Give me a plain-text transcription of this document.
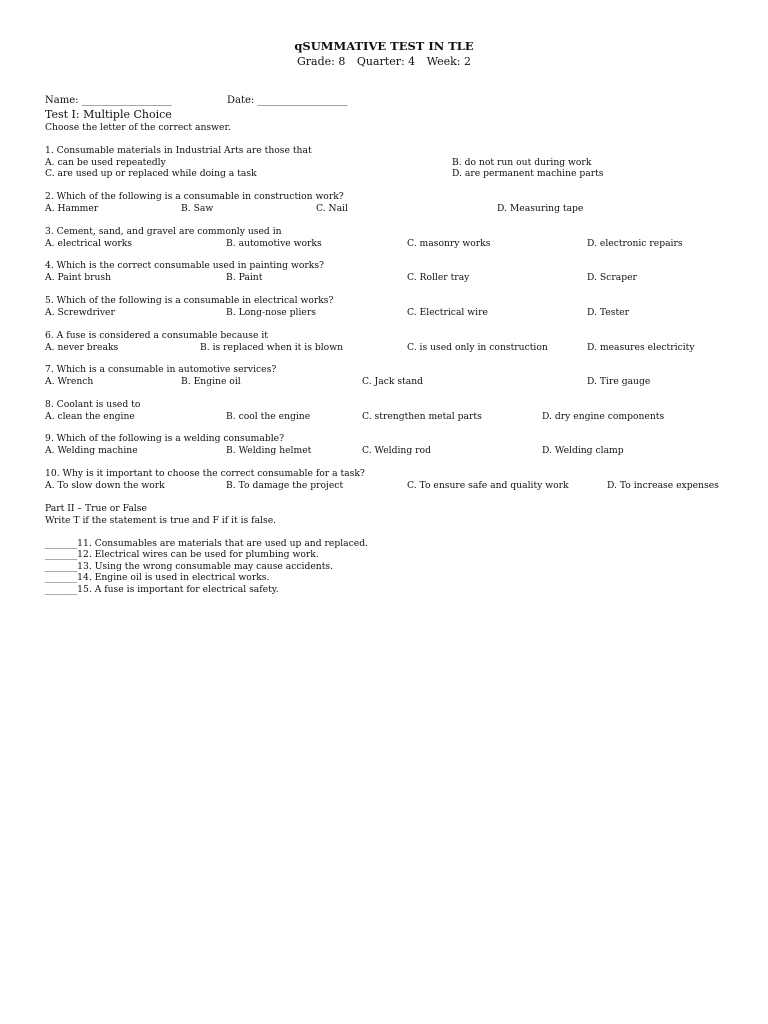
qSUMMATIVE TEST IN TLE
Grade: 8 Quarter: 4 Week: 2
Name: __________________	Date: __________________
Test I: Multiple Choice
Choose the letter of the correct answer.
1. Consumable materials in Industrial Arts are those that
A. can be used repeatedly	B. do not run out during work
C. are used up or replaced while doing a task	D. are permanent machine parts
2. Which of the following is a consumable in construction work?
A. Hammer	B. Saw	C. Nail	D. Measuring tape
3. Cement, sand, and gravel are commonly used in
A. electrical works	B. automotive works	C. masonry works	D. electronic repairs
4. Which is the correct consumable used in painting works?
A. Paint brush	B. Paint	C. Roller tray	D. Scraper
5. Which of the following is a consumable in electrical works?
A. Screwdriver	B. Long-nose pliers	C. Electrical wire	D. Tester
6. A fuse is considered a consumable because it
A. never breaks	B. is replaced when it is blown	C. is used only in construction	D. measures electricity
7. Which is a consumable in automotive services?
A. Wrench	B. Engine oil	C. Jack stand	D. Tire gauge
8. Coolant is used to
A. clean the engine	B. cool the engine	C. strengthen metal parts	D. dry engine components
9. Which of the following is a welding consumable?
A. Welding machine	B. Welding helmet	C. Welding rod	D. Welding clamp
10. Why is it important to choose the correct consumable for a task?
A. To slow down the work	B. To damage the project	C. To ensure safe and quality work	D. To increase expenses
Part II – True or False
Write T if the statement is true and F if it is false.
_______11. Consumables are materials that are used up and replaced.
_______12. Electrical wires can be used for plumbing work.
_______13. Using the wrong consumable may cause accidents.
_______14. Engine oil is used in electrical works.
_______15. A fuse is important for electrical safety.
